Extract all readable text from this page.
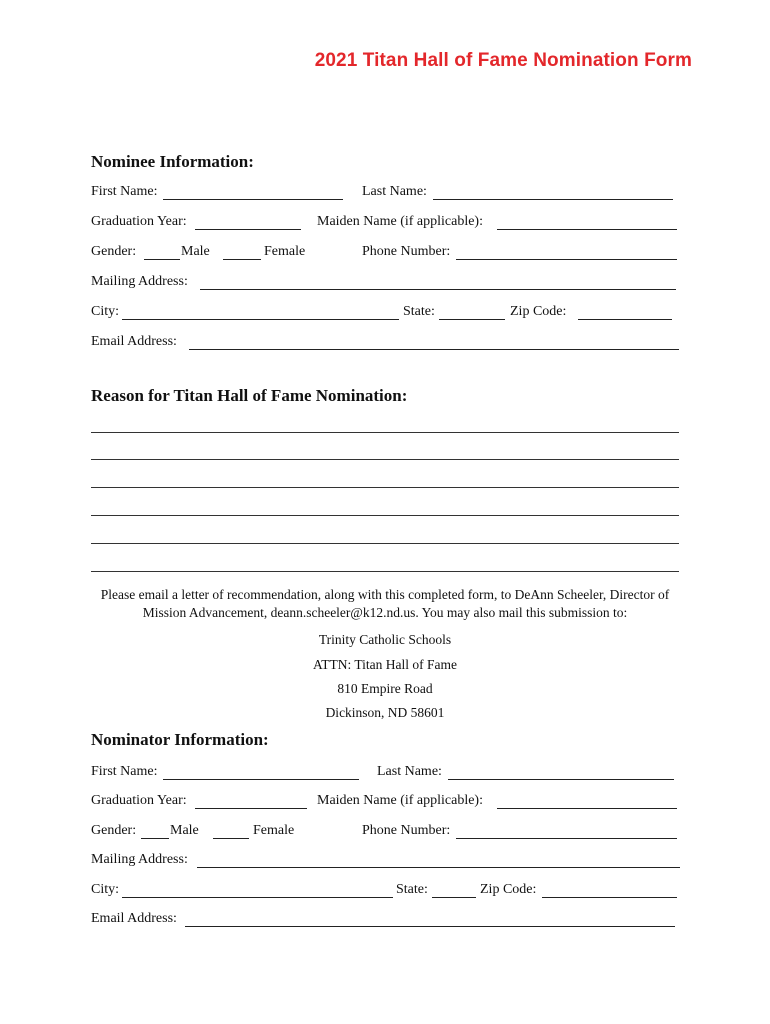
2021 Titan Hall of Fame Nomination Form
Nominee Information:
First Name:	Last Name:
Graduation Year:	Maiden Name (if applicable):
Gender:	Male	Female	Phone Number:
Mailing Address:
City:	State:	Zip Code:
Email Address:
Reason for Titan Hall of Fame Nomination:
Please email a letter of recommendation, along with this completed form, to DeAnn Scheeler, Director of Mission Advancement, deann.scheeler@k12.nd.us. You may also mail this submission to:
Trinity Catholic Schools
ATTN: Titan Hall of Fame
810 Empire Road
Dickinson, ND 58601
Nominator Information:
First Name:	Last Name:
Graduation Year:	Maiden Name (if applicable):
Gender: Male	Female	Phone Number:
Mailing Address:
City:	State:	Zip Code:
Email Address:
